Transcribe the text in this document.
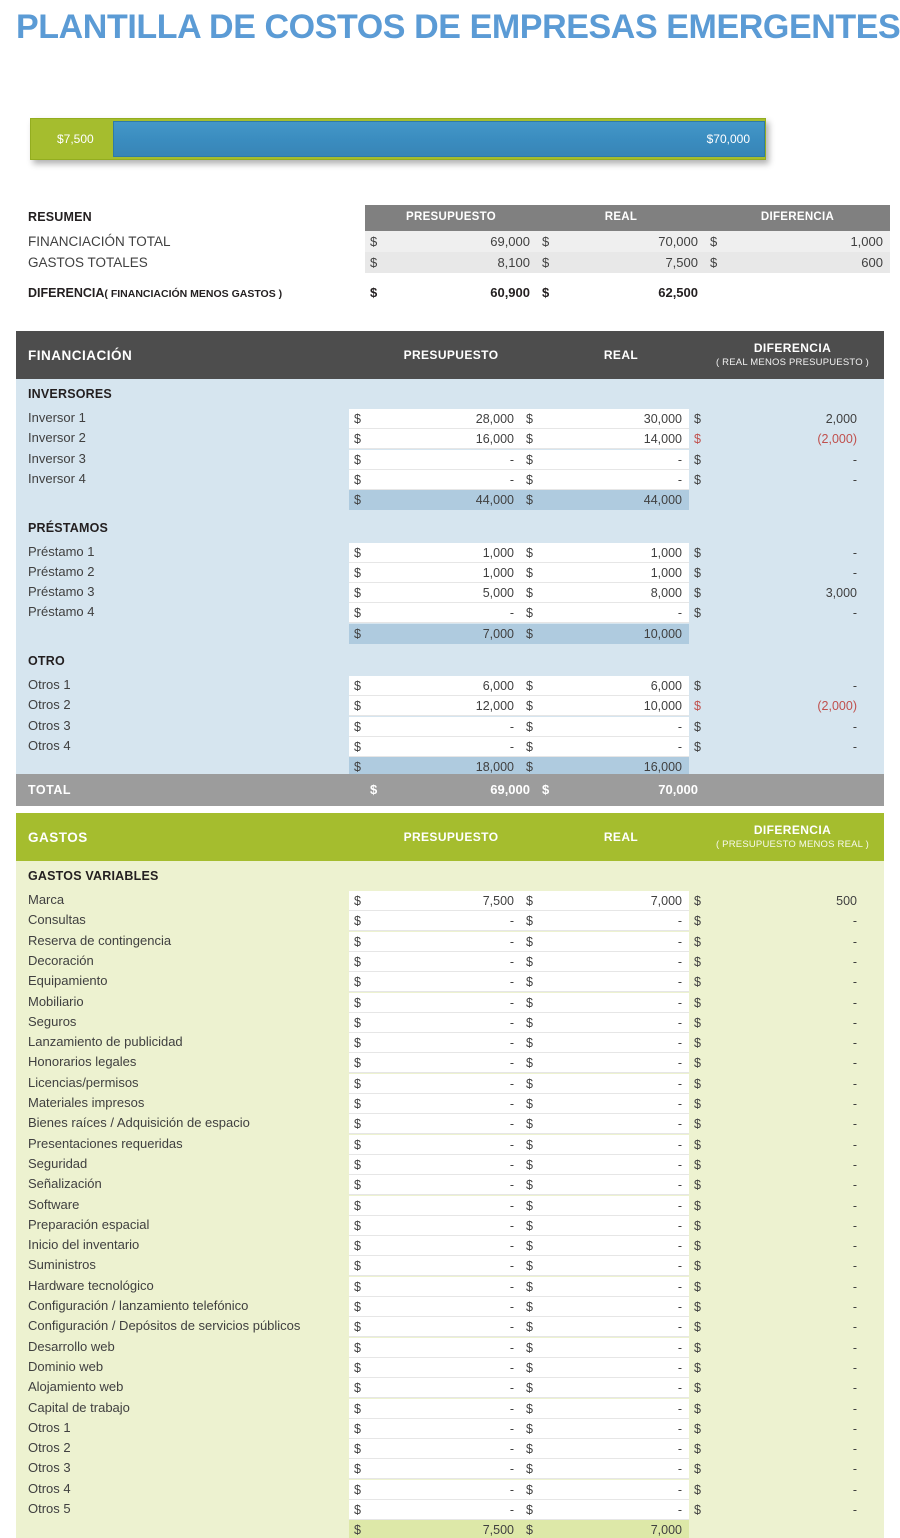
PLANTILLA DE COSTOS DE EMPRESAS EMERGENTES
$7,500	$70,000
RESUMEN	PRESUPUESTO	REAL	DIFERENCIA
FINANCIACIÓN TOTAL	$	69,000 $	70,000 $	1,000
GASTOS TOTALES	$	8,100 $	7,500 $	600
DIFERENCIA( FINANCIACIÓN MENOS GASTOS )	$	60,900 $	62,500
FINANCIACIÓN	PRESUPUESTO	REAL	DIFERENCIA
( REAL MENOS PRESUPUESTO )
INVERSORES
Inversor 1	$	28,000 $	30,000 $	2,000
Inversor 2	$	16,000 $	14,000 $	(2,000)
Inversor 3	$	- $	- $	-
Inversor 4	$	- $	- $	-
$	44,000 $	44,000
PRÉSTAMOS
Préstamo 1	$	1,000 $	1,000 $	-
Préstamo 2	$	1,000 $	1,000 $	-
Préstamo 3	$	5,000 $	8,000 $	3,000
Préstamo 4	$	- $	- $	-
$	7,000 $	10,000
OTRO
Otros 1	$	6,000 $	6,000 $	-
Otros 2	$	12,000 $	10,000 $	(2,000)
Otros 3	$	- $	- $	-
Otros 4	$	- $	- $	-
$	18,000 $	16,000
TOTAL	$	69,000 $	70,000
GASTOS	PRESUPUESTO	REAL	DIFERENCIA
( PRESUPUESTO MENOS REAL )
GASTOS VARIABLES
Marca	$	7,500 $	7,000 $	500
Consultas	$	- $	- $	-
Reserva de contingencia	$	- $	- $	-
Decoración	$	- $	- $	-
Equipamiento	$	- $	- $	-
Mobiliario	$	- $	- $	-
Seguros	$	- $	- $	-
Lanzamiento de publicidad	$	- $	- $	-
Honorarios legales	$	- $	- $	-
Licencias/permisos	$	- $	- $	-
Materiales impresos	$	- $	- $	-
Bienes raíces / Adquisición de espacio	$	- $	- $	-
Presentaciones requeridas	$	- $	- $	-
Seguridad	$	- $	- $	-
Señalización	$	- $	- $	-
Software	$	- $	- $	-
Preparación espacial	$	- $	- $	-
Inicio del inventario	$	- $	- $	-
Suministros	$	- $	- $	-
Hardware tecnológico	$	- $	- $	-
Configuración / lanzamiento telefónico	$	- $	- $	-
Configuración / Depósitos de servicios públicos	$	- $	- $	-
Desarrollo web	$	- $	- $	-
Dominio web	$	- $	- $	-
Alojamiento web	$	- $	- $	-
Capital de trabajo	$	- $	- $	-
Otros 1	$	- $	- $	-
Otros 2	$	- $	- $	-
Otros 3	$	- $	- $	-
Otros 4	$	- $	- $	-
Otros 5	$	- $	- $	-
$	7,500 $	7,000
